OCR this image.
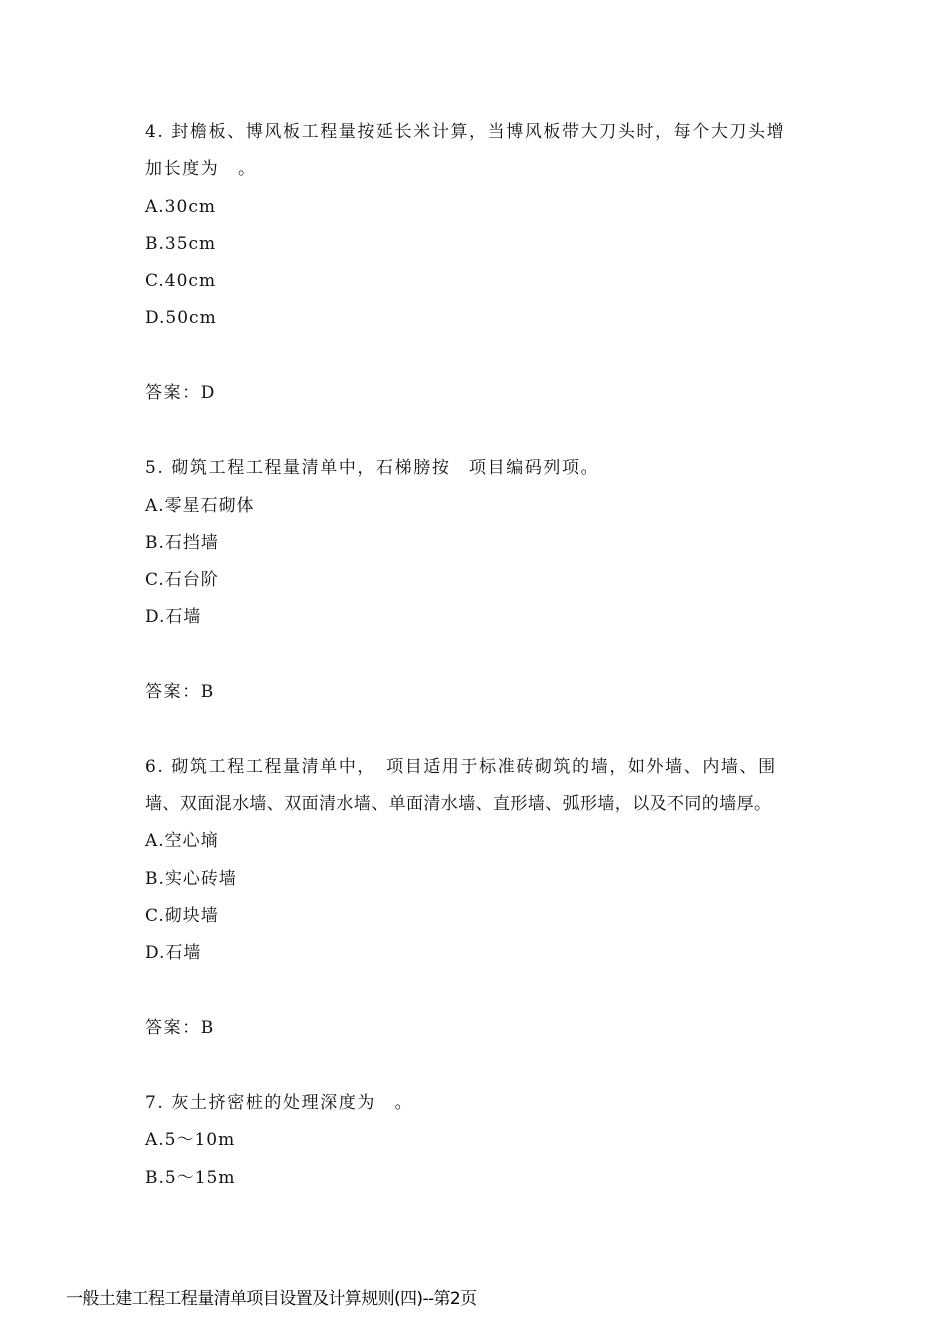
4. 封檐板、博风板工程量按延长米计算，当博风板带大刀头时，每个大刀头增
加长度为　。
A.30cm
B.35cm
C.40cm
D.50cm
答案：D
5. 砌筑工程工程量清单中，石梯膀按　项目编码列项。
A.零星石砌体
B.石挡墙
C.石台阶
D.石墙
答案：B
6. 砌筑工程工程量清单中，　项目适用于标准砖砌筑的墙，如外墙、内墙、围
墙、双面混水墙、双面清水墙、单面清水墙、直形墙、弧形墙，以及不同的墙厚。
A.空心墒
B.实心砖墙
C.砌块墙
D.石墙
答案：B
7. 灰土挤密桩的处理深度为　。
A.5～10m
B.5～15m
一般土建工程工程量清单项目设置及计算规则(四)--第2页
